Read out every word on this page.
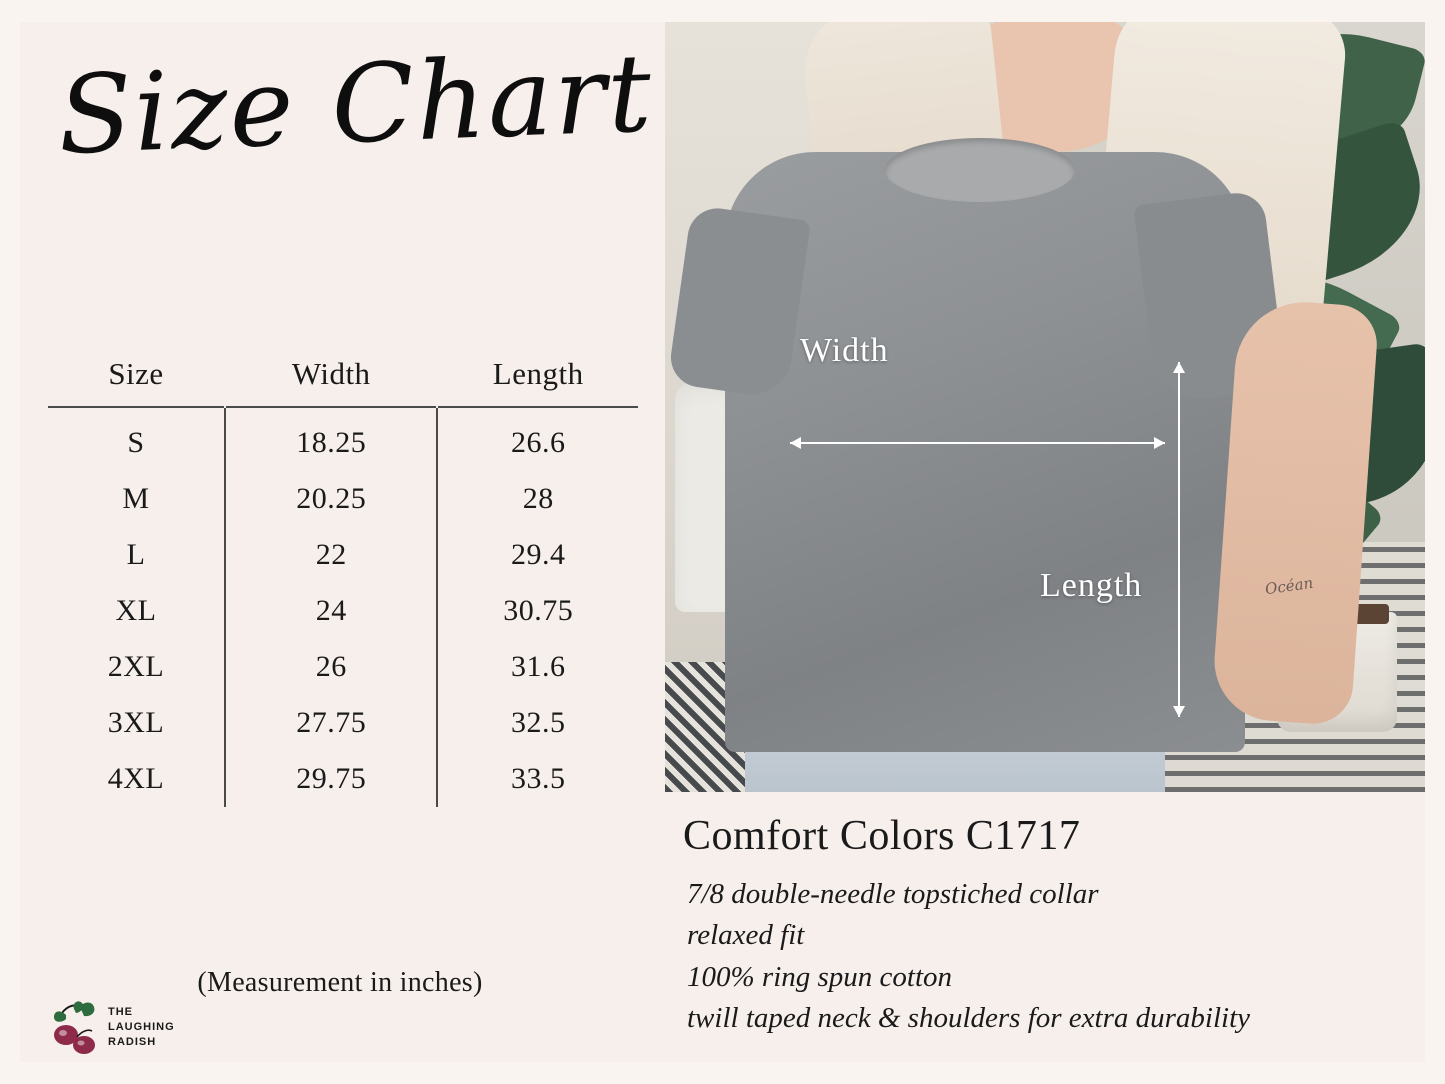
Size Chart
Size	Width	Length
S	18.25	26.6
M	20.25	28
L	22	29.4
XL	24	30.75
2XL	26	31.6
3XL	27.75	32.5
4XL	29.75	33.5
(Measurement in inches)
THE
LAUGHING
RADISH
Océan
Width
Length
Comfort Colors C1717
7/8 double-needle topstiched collar
relaxed fit
100% ring spun cotton
twill taped neck & shoulders for extra durability
